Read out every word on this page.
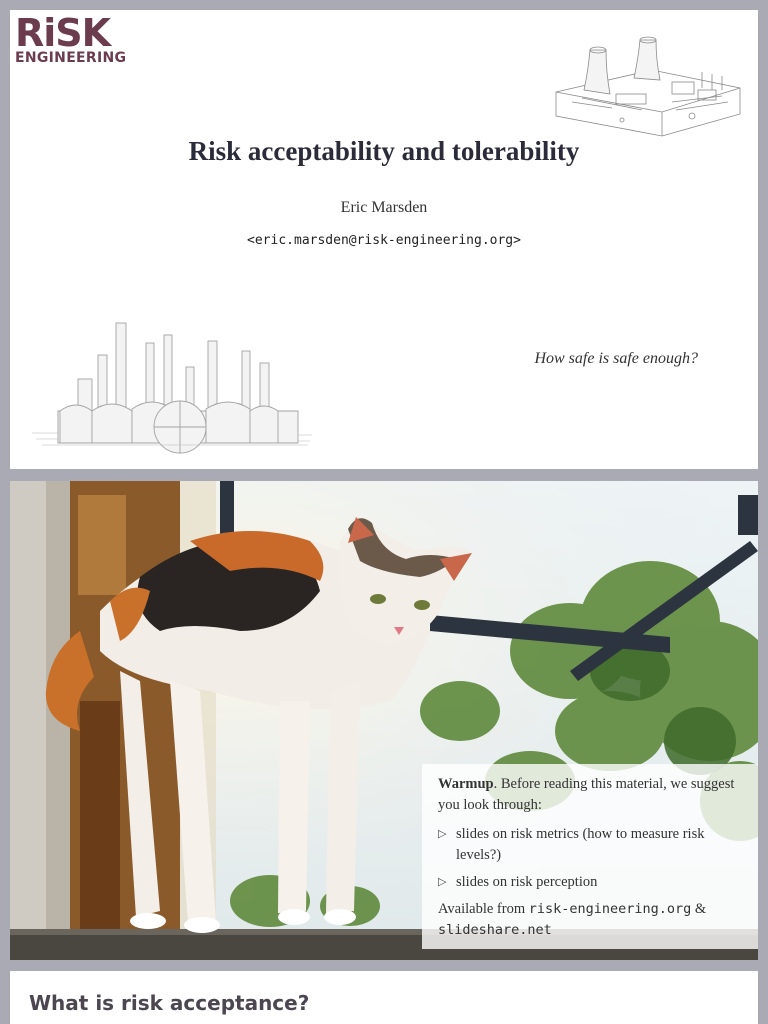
RiSK
ENGINEERING
Risk acceptability and tolerability
Eric Marsden
<eric.marsden@risk-engineering.org>
How safe is safe enough?

Warmup. Before reading this material, we suggest you look through:

▷ slides on risk metrics (how to measure risk levels?)
▷ slides on risk perception

Available from risk-engineering.org & slideshare.net

What is risk acceptance?
